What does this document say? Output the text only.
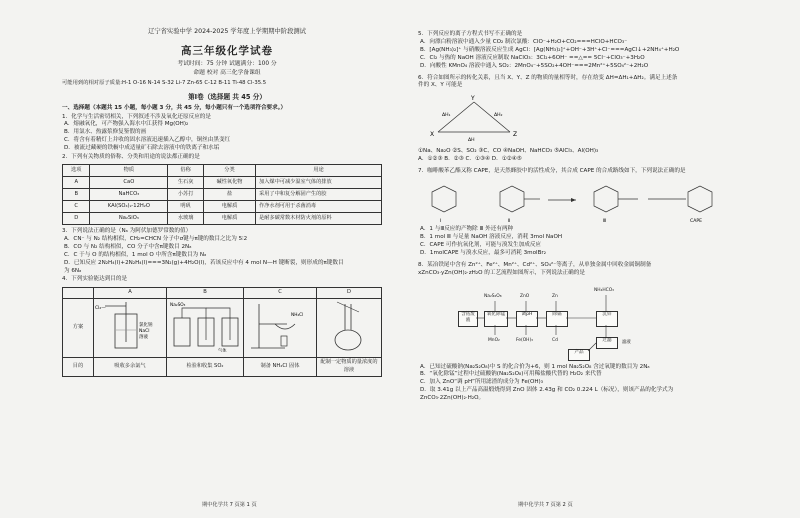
辽宁省实验中学 2024-2025 学年度上学期期中阶段测试
高三年级化学试卷
考试时间：75 分钟 试题满分：100 分
命题 校对 高三化学备课组
可能用到的相对原子质量:H-1 O-16 N-14 S-32 Li-7 Zn-65 C-12 B-11 Ti-48 Cl-35.5
第Ⅰ卷（选择题 共 45 分）
一、选择题（本题共 15 小题，每小题 3 分，共 45 分，每小题只有一个选项符合要求。）
1．化学与生活密切相关，下列叙述不涉及氧化还原反应的是
A．熔融氧化，可产物强入海水中江获得 Mg(OH)₂
B．用氯水、热露浆修复鉴假的画
C．将含有着精灯上并收的固水溶液迅速插入乙醇中，铜丝由黑变红
D．被流过藏硬的铁橱中成适量矿石除去溶液中的铁离子和水垢
2．下列有关物质的俗称、分类和用途的说法都正确的是
选项	物质	俗称	分类	用途
A	CaO	生石灰	碱性氧化物	加入煤中可减少温室气体的排放
B	NaHCO₃	小苏打	盐	采用了中和复分解固产生的胶
C	KAl(SO₄)₂·12H₂O	明矾	电解质	作净水剂可用于杀菌消毒
D	Na₂SiO₃	水玻璃	电解质	是耐多碳常数木材防火剂的原料
3．下列说法正确的是（Nₐ 为阿伏加德罗常数的值）
A．CN⁻ 与 N₂ 结构相似，CH₂=CHCN 分子中σ键与π键的数目之比为 5∶2
B．CO 与 N₂ 结构相似，CO 分子中含π键数目 2Nₐ
C．C 于与 O 的结构相似，1 mol O 中所含π键数目为 Nₐ
D．已知反应 2N₂H₄(l)+2N₂H₄(l)===3N₂(g)+4H₂O(l)，若该反应中有 4 mol N—H 键断裂，则形成的π键数目
为 6Nₐ
4．下列实验能达到目的是
	A	B	C	D
方案	Cl₂—
氯化钠
NaCl
溶液	Na₂SO₃
气体	NH₄Cl

目的	吸收多余氯气	检验和收集 SO₂	制备 NH₄Cl 固体	配制一定物质的量浓度的溶液
期中化学共 7 页第 1 页
5．下列反应的离子方程式书写不正确的是
A．向漂白粉溶液中通入少量 CO₂ 制次氯酸：ClO⁻+H₂O+CO₂===HClO+HCO₃⁻
B．[Ag(NH₃)₂]⁺ 与硝酸溶液反应生成 AgCl：[Ag(NH₃)₂]⁺+OH⁻+3H⁺+Cl⁻===AgCl↓+2NH₄⁺+H₂O
C．Cl₂ 与热的 NaOH 溶液反应制取 NaClO₃：3Cl₂+6OH⁻ ==△== 5Cl⁻+ClO₃⁻+3H₂O
D．向酸性 KMnO₄ 溶液中通入 SO₂：2MnO₄⁻+5SO₂+4OH⁻===2Mn²⁺+5SO₄²⁻+2H₂O
6．符合如图所示的转化关系，且当 X、Y、Z 的物质的量相等时，存在焓变 ΔH=ΔH₁+ΔH₂。满足上述条
件的 X、Y 可能是
Y
X	Z
ΔH₁	ΔH₂
ΔH
①Na、Na₂O ②S、SO₂ ③C、CO ④NaOH、NaHCO₃ ⑤AlCl₃、Al(OH)₃
A．①②③ B．②③ C．①③④ D．①②④⑤
7．咖啡酸苯乙酯又称 CAPE，是天然蜂胶中的活性成分，其合成 CAPE 的合成路线如下，下列说法正确的是
Ⅰ	Ⅱ	Ⅲ	CAPE
A．1 与Ⅲ反应的产物除 Ⅲ 外还有两种
B．1 mol Ⅲ 与足量 NaOH 溶液反应，消耗 3mol NaOH
C．CAPE 可作抗氧化剂，可能与溴发生加成反应
D．1molCAPE 与溴水反应，最多可消耗 3molBr₂
8．某冶铁尾中含有 Zn²⁺、Fe²⁺、Mn²⁺、Cd²⁺、SO₄²⁻等离子，从单独金属中回收金属铜制备
xZnCO₃·yZn(OH)₂·zH₂O 的工艺流程如图所示，下列说法正确的是
含钴废液
氧化除锰	调pH	除镉	沉锌
过滤
产品
Na₂S₂O₈	ZnO	Zn
NH₄HCO₃
MnO₂	Fe(OH)₃	Cd	滤液
A．已知过硫酸钠(Na₂S₂O₈)中 S 的化合价为+6，则 1 mol Na₂S₂O₈ 含过氧键的数目为 2Nₐ
B．“氧化除锰”过程中过硫酸钠(Na₂S₂O₈)可用稀盐酸代替的 H₂O₂ 来代替
C．加入 ZnO“调 pH”所用滤渣的成分为 Fe(OH)₃
D．取 3.41g 以上产品高温煅烧得到 ZnO 固体 2.43g 和 CO₂ 0.224 L（标况），则该产品的化学式为
ZnCO₃·2Zn(OH)₂·H₂O。
期中化学共 7 页第 2 页
